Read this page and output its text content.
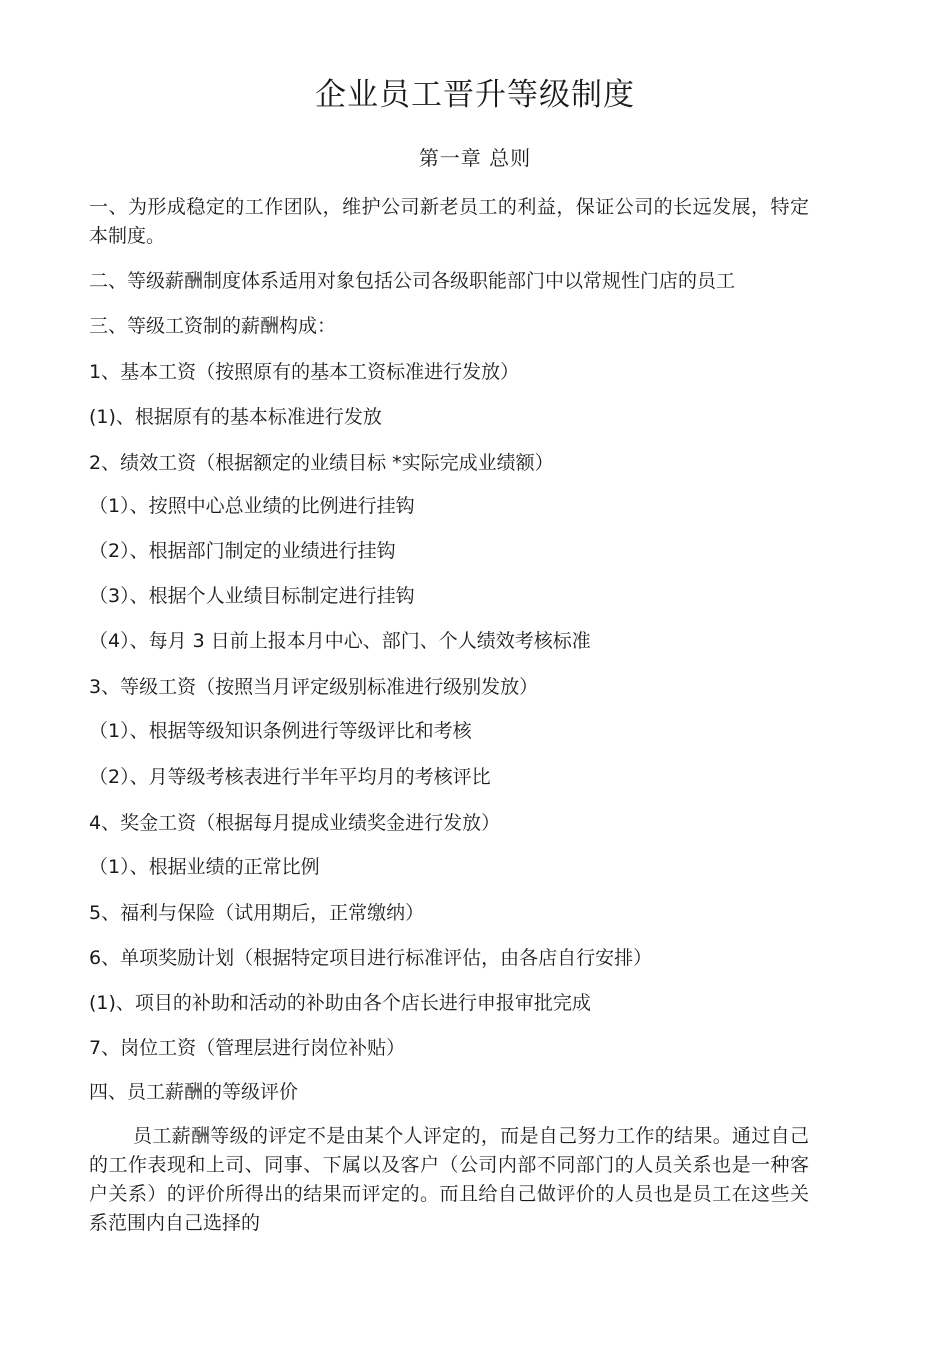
企业员工晋升等级制度
第一章 总则
一、为形成稳定的工作团队，维护公司新老员工的利益，保证公司的长远发展，特定本制度。
二、等级薪酬制度体系适用对象包括公司各级职能部门中以常规性门店的员工
三、等级工资制的薪酬构成：
1、基本工资（按照原有的基本工资标准进行发放）
(1)、根据原有的基本标准进行发放
2、绩效工资（根据额定的业绩目标 *实际完成业绩额）
（1）、按照中心总业绩的比例进行挂钩
（2）、根据部门制定的业绩进行挂钩
（3）、根据个人业绩目标制定进行挂钩
（4）、每月 3 日前上报本月中心、部门、个人绩效考核标准
3、等级工资（按照当月评定级别标准进行级别发放）
（1）、根据等级知识条例进行等级评比和考核
（2）、月等级考核表进行半年平均月的考核评比
4、奖金工资（根据每月提成业绩奖金进行发放）
（1）、根据业绩的正常比例
5、福利与保险（试用期后，正常缴纳）
6、单项奖励计划（根据特定项目进行标准评估，由各店自行安排）
(1)、项目的补助和活动的补助由各个店长进行申报审批完成
7、岗位工资（管理层进行岗位补贴）
四、员工薪酬的等级评价
员工薪酬等级的评定不是由某个人评定的，而是自己努力工作的结果。通过自己的工作表现和上司、同事、下属以及客户（公司内部不同部门的人员关系也是一种客户关系）的评价所得出的结果而评定的。而且给自己做评价的人员也是员工在这些关系范围内自己选择的
